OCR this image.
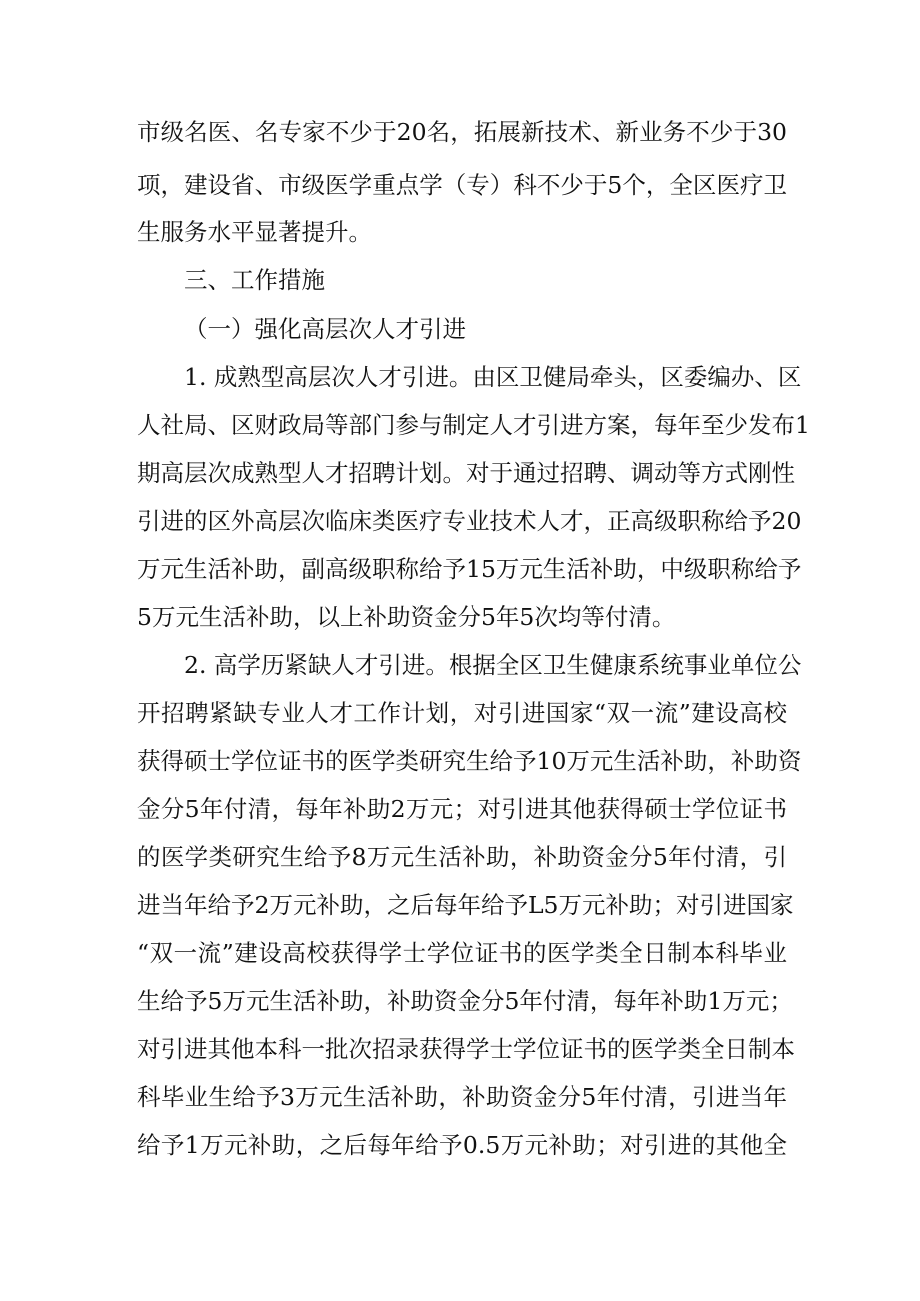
市级名医、名专家不少于20名，拓展新技术、新业务不少于30
项，建设省、市级医学重点学（专）科不少于5个，全区医疗卫
生服务水平显著提升。
三、工作措施
（一）强化高层次人才引进
1. 成熟型高层次人才引进。由区卫健局牵头，区委编办、区
人社局、区财政局等部门参与制定人才引进方案，每年至少发布1
期高层次成熟型人才招聘计划。对于通过招聘、调动等方式刚性
引进的区外高层次临床类医疗专业技术人才，正高级职称给予20
万元生活补助，副高级职称给予15万元生活补助，中级职称给予
5万元生活补助，以上补助资金分5年5次均等付清。
2. 高学历紧缺人才引进。根据全区卫生健康系统事业单位公
开招聘紧缺专业人才工作计划，对引进国家“双一流”建设高校
获得硕士学位证书的医学类研究生给予10万元生活补助，补助资
金分5年付清，每年补助2万元；对引进其他获得硕士学位证书
的医学类研究生给予8万元生活补助，补助资金分5年付清，引
进当年给予2万元补助，之后每年给予L5万元补助；对引进国家
“双一流”建设高校获得学士学位证书的医学类全日制本科毕业
生给予5万元生活补助，补助资金分5年付清，每年补助1万元；
对引进其他本科一批次招录获得学士学位证书的医学类全日制本
科毕业生给予3万元生活补助，补助资金分5年付清，引进当年
给予1万元补助，之后每年给予0.5万元补助；对引进的其他全
